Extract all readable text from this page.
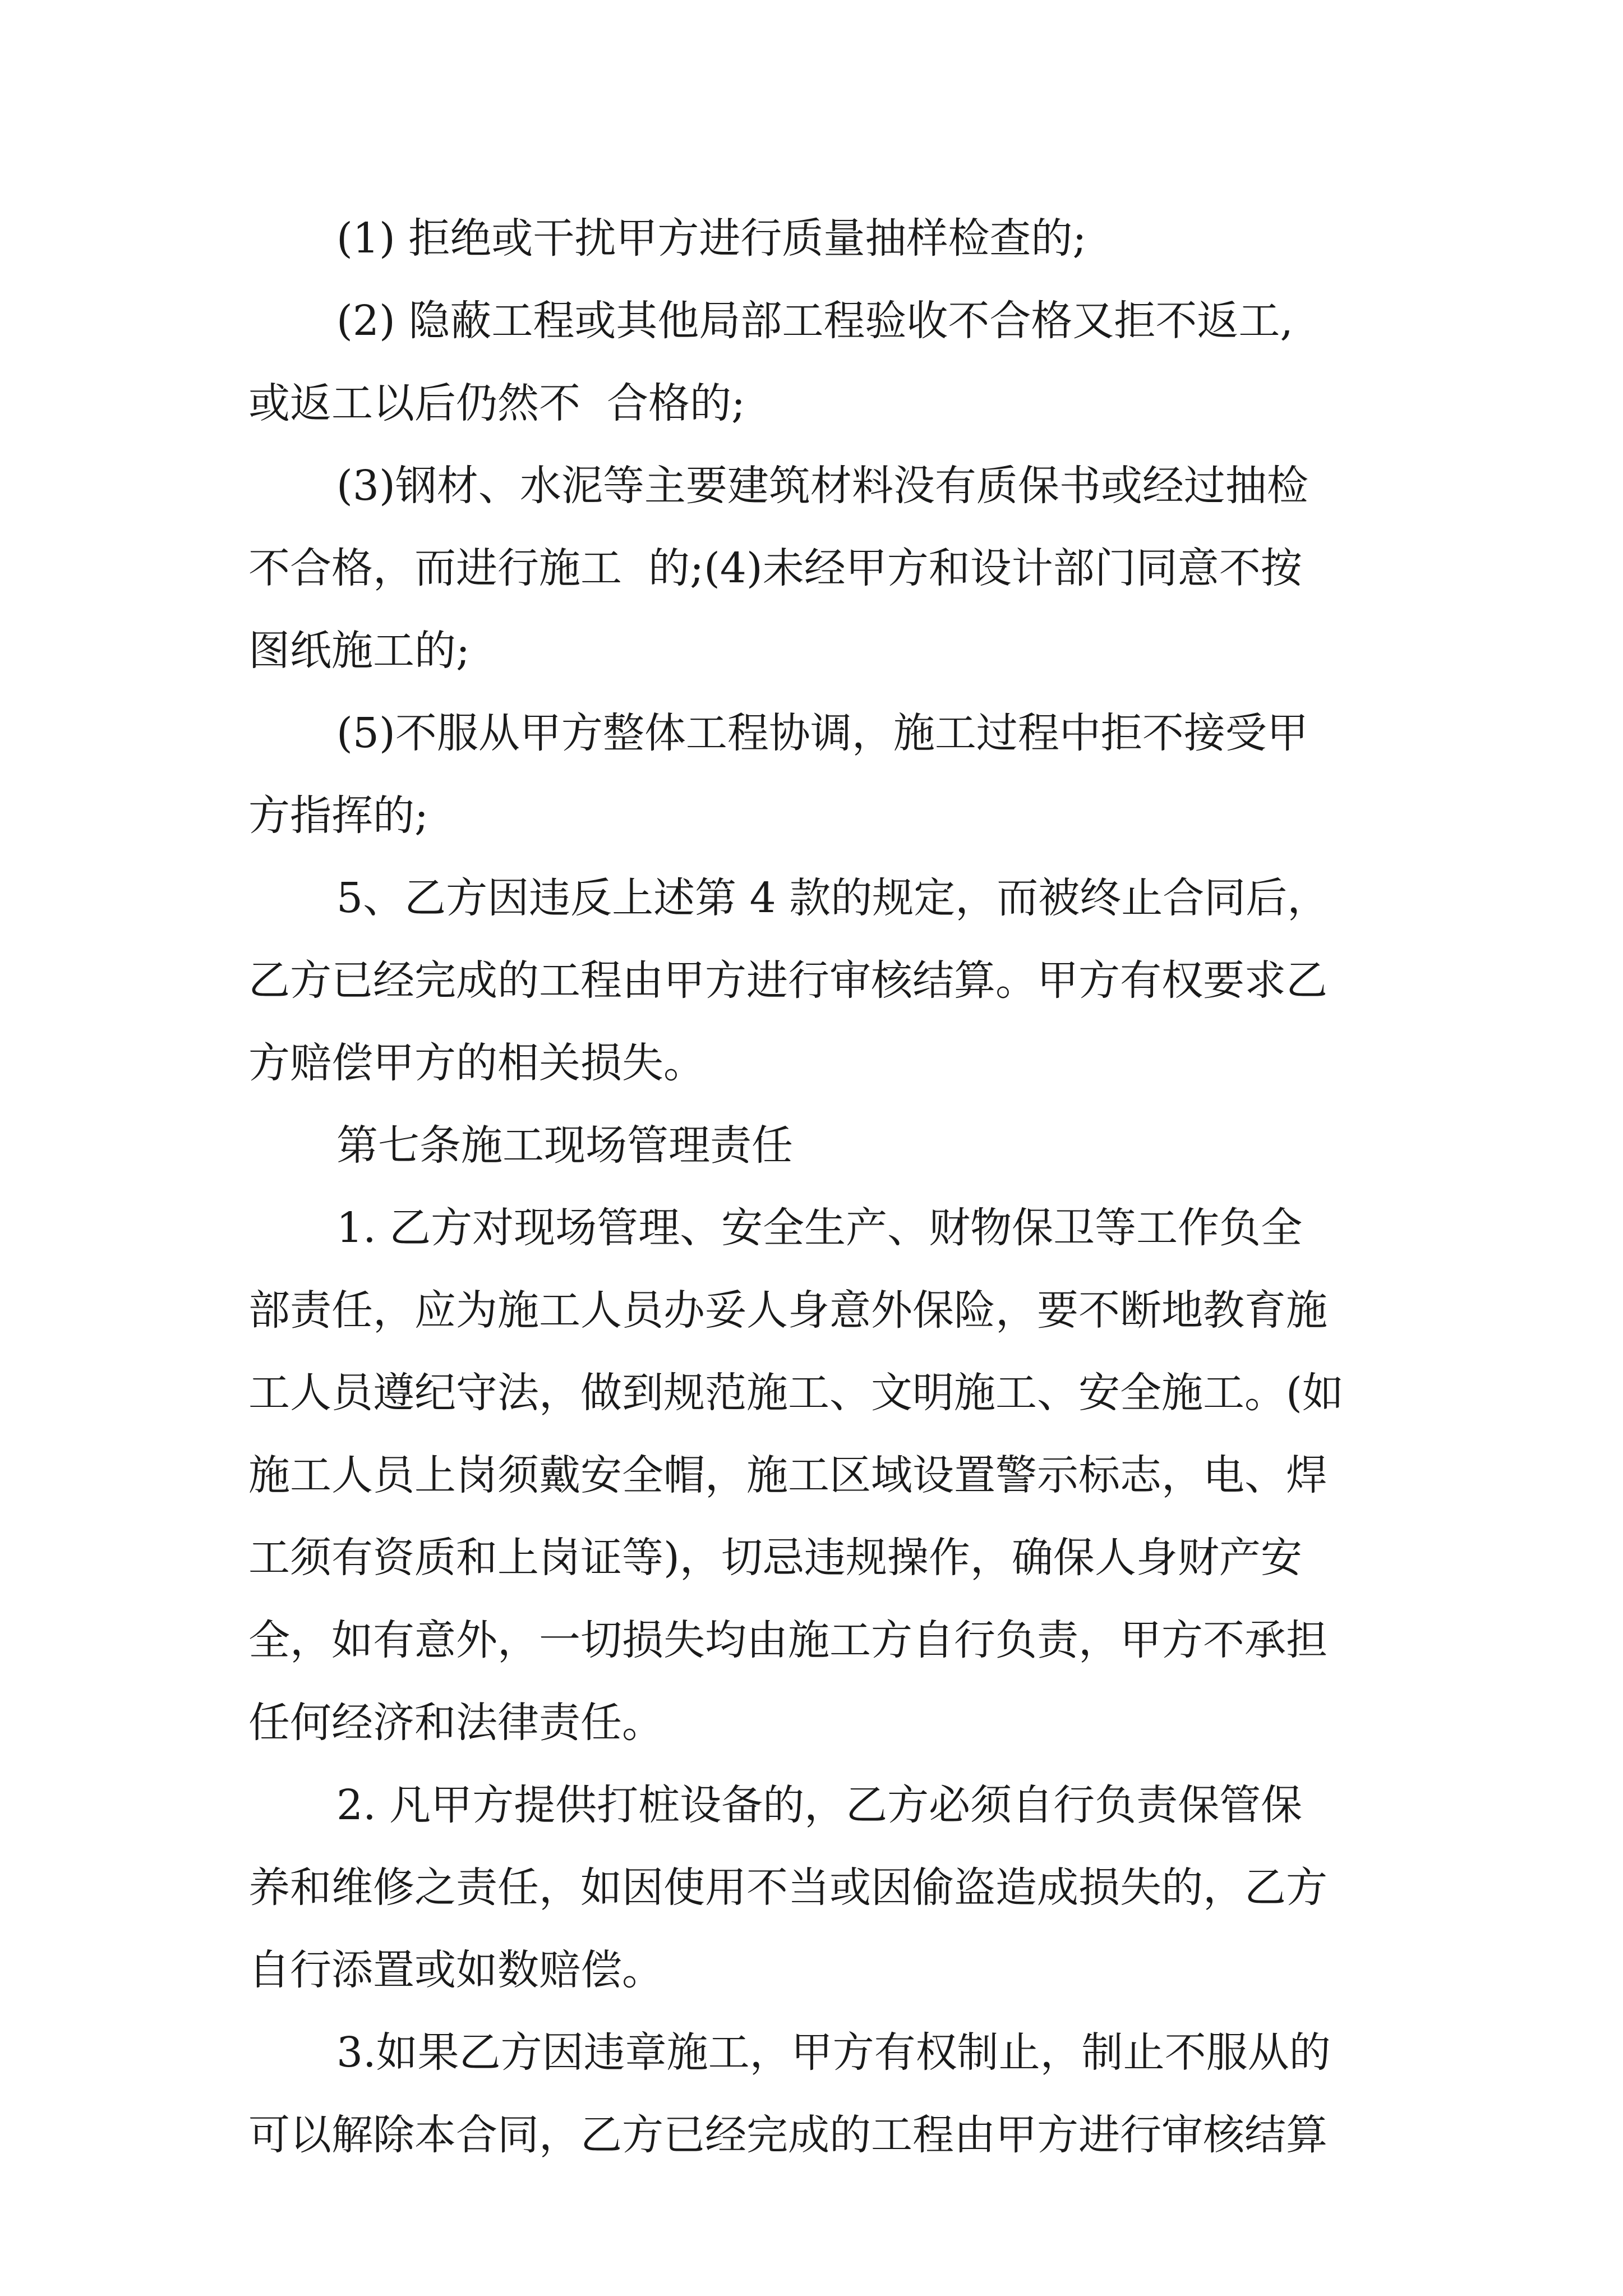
(1) 拒绝或干扰甲方进行质量抽样检查的;
(2) 隐蔽工程或其他局部工程验收不合格又拒不返工,
或返工以后仍然不  合格的;
(3)钢材、水泥等主要建筑材料没有质保书或经过抽检
不合格，而进行施工  的;(4)未经甲方和设计部门同意不按
图纸施工的;
(5)不服从甲方整体工程协调，施工过程中拒不接受甲
方指挥的;
5、乙方因违反上述第 4 款的规定，而被终止合同后，
乙方已经完成的工程由甲方进行审核结算。甲方有权要求乙
方赔偿甲方的相关损失。
第七条施工现场管理责任
1. 乙方对现场管理、安全生产、财物保卫等工作负全
部责任，应为施工人员办妥人身意外保险，要不断地教育施
工人员遵纪守法，做到规范施工、文明施工、安全施工。(如
施工人员上岗须戴安全帽，施工区域设置警示标志，电、焊
工须有资质和上岗证等)，切忌违规操作，确保人身财产安
全，如有意外，一切损失均由施工方自行负责，甲方不承担
任何经济和法律责任。
2. 凡甲方提供打桩设备的，乙方必须自行负责保管保
养和维修之责任，如因使用不当或因偷盗造成损失的，乙方
自行添置或如数赔偿。
3.如果乙方因违章施工，甲方有权制止，制止不服从的
可以解除本合同，乙方已经完成的工程由甲方进行审核结算
